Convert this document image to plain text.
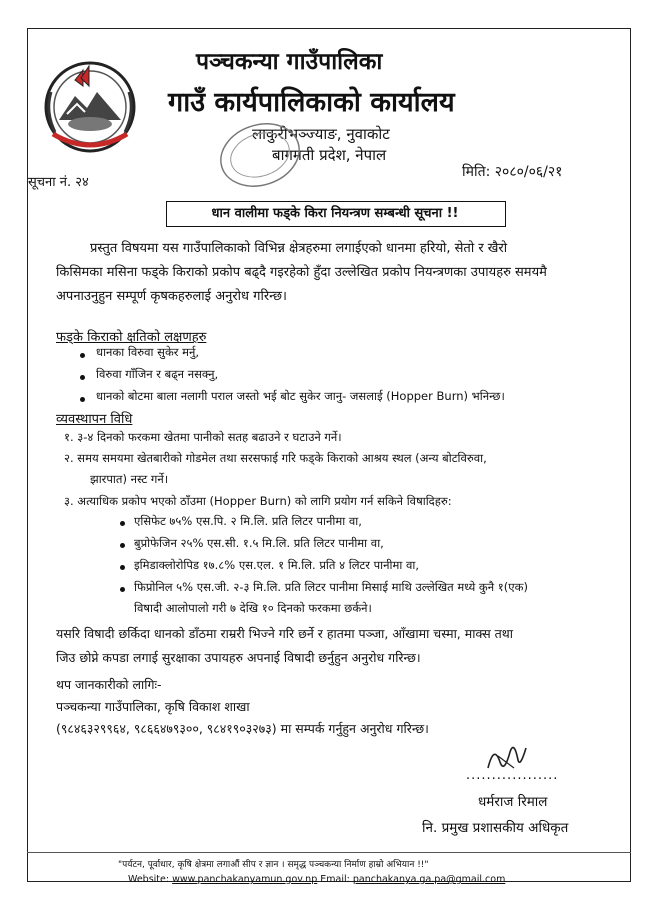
पञ्चकन्या गाउँपालिका
गाउँ कार्यपालिकाको कार्यालय
लाकुरीभञ्ज्याङ, नुवाकोट
बागमती प्रदेश, नेपाल
सूचना नं. २४
मिति: २०८०/०६/२१
धान वालीमा फड्के किरा नियन्त्रण सम्बन्धी सूचना !!
प्रस्तुत विषयमा यस गाउँपालिकाको विभिन्न क्षेत्रहरुमा लगाईएको धानमा हरियो, सेतो र खैरो
किसिमका मसिना फड्के किराको प्रकोप बढ्दै गइरहेको हुँदा उल्लेखित प्रकोप नियन्त्रणका उपायहरु समयमै
अपनाउनुहुन सम्पूर्ण कृषकहरुलाई अनुरोध गरिन्छ।
फड्के किराको क्षतिको लक्षणहरु
धानका विरुवा सुकेर मर्नु,
विरुवा गाँजिन र बढ्न नसक्नु,
धानको बोटमा बाला नलागी पराल जस्तो भई बोट सुकेर जानु- जसलाई (Hopper Burn) भनिन्छ।
व्यवस्थापन विधि
१. ३-४ दिनको फरकमा खेतमा पानीको सतह बढाउने र घटाउने गर्ने।
२. समय समयमा खेतबारीको गोडमेल तथा सरसफाई गरि फड्के किराको आश्रय स्थल (अन्य बोटविरुवा,
झारपात) नस्ट गर्ने।
३. अत्याधिक प्रकोप भएको ठाँउमा (Hopper Burn) को लागि प्रयोग गर्न सकिने विषादिहरु:
एसिफेट ७५% एस.पि. २ मि.लि. प्रति लिटर पानीमा वा,
बुप्रोफेजिन २५% एस.सी. १.५ मि.लि. प्रति लिटर पानीमा वा,
इमिडाक्लोरोपिड १७.८% एस.एल. १ मि.लि. प्रति ४ लिटर पानीमा वा,
फिप्रोनिल ५% एस.जी. २-३ मि.लि. प्रति लिटर पानीमा मिसाई माथि उल्लेखित मध्ये कुनै १(एक)
विषादी आलोपालो गरी ७ देखि १० दिनको फरकमा छर्कने।
यसरि विषादी छर्किदा धानको डाँठमा राम्ररी भिज्ने गरि छर्ने र हातमा पञ्जा, आँखामा चस्मा, माक्स तथा
जिउ छोप्ने कपडा लगाई सुरक्षाका उपायहरु अपनाई विषादी छर्नुहुन अनुरोध गरिन्छ।
थप जानकारीको लागिः-
पञ्चकन्या गाउँपालिका, कृषि विकाश शाखा
(९८४६३२९९६४, ९८६६४७९३००, ९८४१९०३२७३) मा सम्पर्क गर्नुहुन अनुरोध गरिन्छ।
..................
धर्मराज रिमाल
नि. प्रमुख प्रशासकीय अधिकृत
"पर्यटन, पूर्वाधार, कृषि क्षेत्रमा लगाऔं सीप र ज्ञान । समृद्ध पञ्चकन्या निर्माण हाम्रो अभियान !!"
Website: www.panchakanyamun.gov.np Email: panchakanya.ga.pa@gmail.com
